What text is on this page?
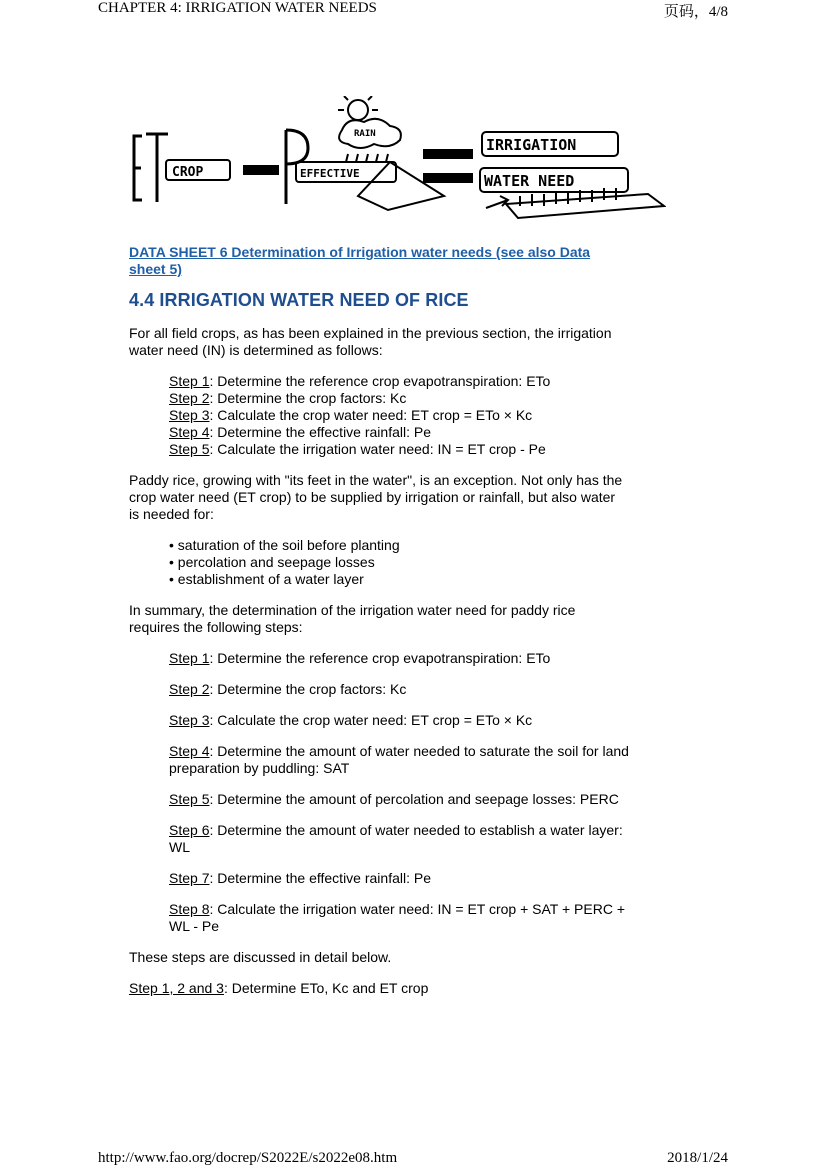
CHAPTER 4: IRRIGATION WATER NEEDS	页码，4/8
ET
CROP	EFFECTIVE
RAIN
IRRIGATION
WATER NEED
DATA SHEET 6 Determination of Irrigation water needs (see also Data sheet 5)
4.4 IRRIGATION WATER NEED OF RICE

For all field crops, as has been explained in the previous section, the irrigation water need (IN) is determined as follows:

Step 1: Determine the reference crop evapotranspiration: ETo
Step 2: Determine the crop factors: Kc
Step 3: Calculate the crop water need: ET crop = ETo × Kc
Step 4: Determine the effective rainfall: Pe
Step 5: Calculate the irrigation water need: IN = ET crop - Pe

Paddy rice, growing with "its feet in the water", is an exception. Not only has the crop water need (ET crop) to be supplied by irrigation or rainfall, but also water is needed for:

• saturation of the soil before planting
• percolation and seepage losses
• establishment of a water layer

In summary, the determination of the irrigation water need for paddy rice requires the following steps:

Step 1: Determine the reference crop evapotranspiration: ETo
Step 2: Determine the crop factors: Kc
Step 3: Calculate the crop water need: ET crop = ETo × Kc
Step 4: Determine the amount of water needed to saturate the soil for land preparation by puddling: SAT
Step 5: Determine the amount of percolation and seepage losses: PERC
Step 6: Determine the amount of water needed to establish a water layer: WL
Step 7: Determine the effective rainfall: Pe
Step 8: Calculate the irrigation water need: IN = ET crop + SAT + PERC + WL - Pe

These steps are discussed in detail below.

Step 1, 2 and 3: Determine ETo, Kc and ET crop

http://www.fao.org/docrep/S2022E/s2022e08.htm	2018/1/24
